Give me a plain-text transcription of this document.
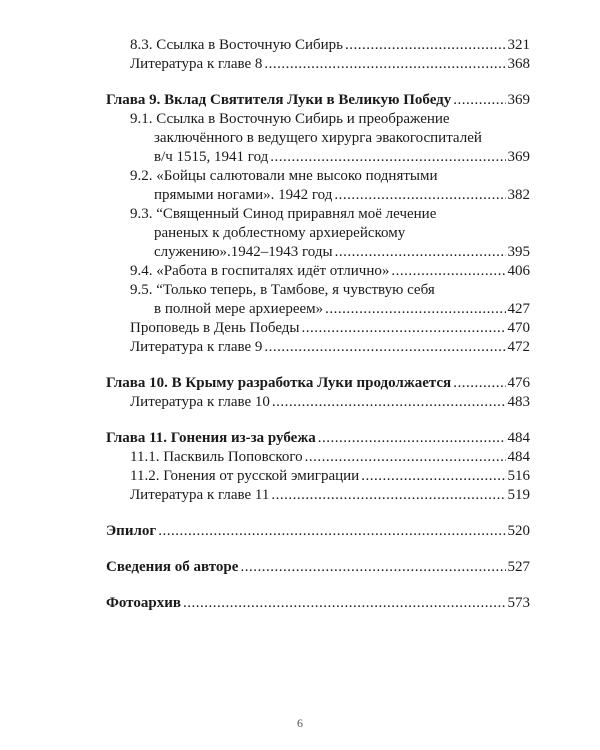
8.3. Ссылка в Восточную Сибирь .....	321
Литература к главе 8 .....	368
Глава 9. Вклад Святителя Луки в Великую Победу .....	369
9.1. Ссылка в Восточную Сибирь и преображение
заключённого в ведущего хирурга эвакогоспиталей
в/ч 1515, 1941 год .....	369
9.2. «Бойцы салютовали мне высоко поднятыми
прямыми ногами». 1942 год .....	382
9.3. “Священный Синод приравнял моё лечение
раненых к доблестному архиерейскому
служению».1942–1943 годы .....	395
9.4. «Работа в госпиталях идёт отлично» .....	406
9.5. “Только теперь, в Тамбове, я чувствую себя
в полной мере архиереем» .....	427
Проповедь в День Победы .....	470
Литература к главе 9 .....	472
Глава 10. В Крыму разработка Луки продолжается .....	476
Литература к главе 10 .....	483
Глава 11. Гонения из-за рубежа .....	484
11.1. Пасквиль Поповского .....	484
11.2. Гонения от русской эмиграции .....	516
Литература к главе 11 .....	519
Эпилог .....	520
Сведения об авторе .....	527
Фотоархив .....	573
6
